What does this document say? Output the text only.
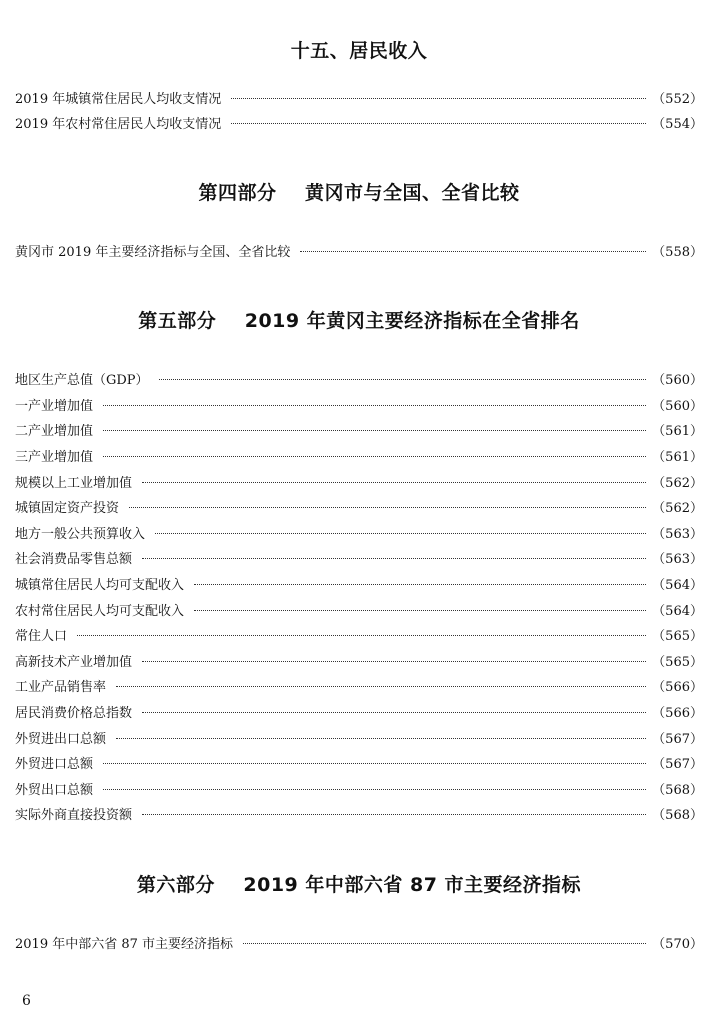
十五、居民收入
2019 年城镇常住居民人均收支情况	（552）
2019 年农村常住居民人均收支情况	（554）
第四部分    黄冈市与全国、全省比较
黄冈市 2019 年主要经济指标与全国、全省比较	（558）
第五部分    2019 年黄冈主要经济指标在全省排名
地区生产总值（GDP）	（560）
一产业增加值	（560）
二产业增加值	（561）
三产业增加值	（561）
规模以上工业增加值	（562）
城镇固定资产投资	（562）
地方一般公共预算收入	（563）
社会消费品零售总额	（563）
城镇常住居民人均可支配收入	（564）
农村常住居民人均可支配收入	（564）
常住人口	（565）
高新技术产业增加值	（565）
工业产品销售率	（566）
居民消费价格总指数	（566）
外贸进出口总额	（567）
外贸进口总额	（567）
外贸出口总额	（568）
实际外商直接投资额	（568）
第六部分    2019 年中部六省 87 市主要经济指标
2019 年中部六省 87 市主要经济指标	（570）
6
